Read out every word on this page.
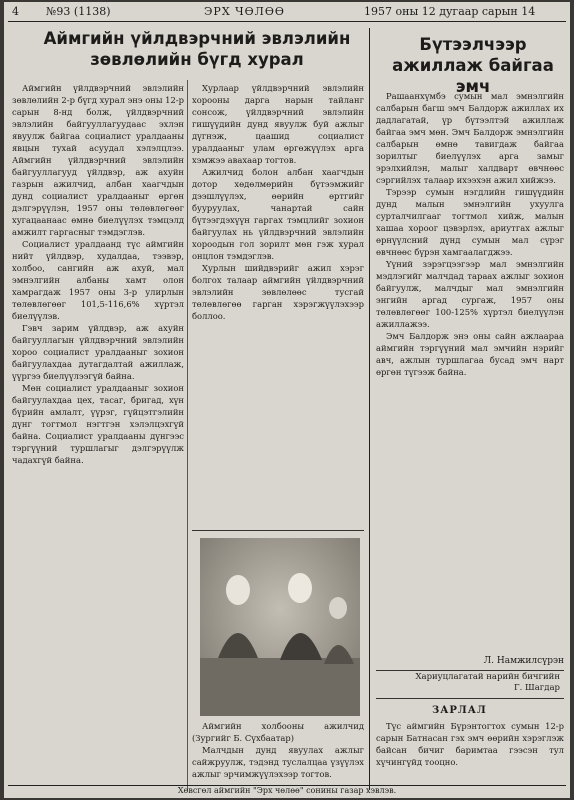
4 №93 (1138)	ЭРХ ЧӨЛӨӨ	1957 оны 12 дугаар сарын 14
Аймгийн үйлдвэрчний эвлэлийн зөвлөлийн бүгд хурал
Бүтээлчээр ажиллаж байгаа эмч

Аймгийн үйлдвэрчний эвлэлийн зөвлөлийн 2-р бүгд хурал энэ оны 12-р сарын 8-нд болж, үйлдвэрчний эвлэлийн байгууллагуудаас эхлэн явуулж байгаа социалист уралдааны явцын тухай асуудал хэлэлцлээ. Аймгийн үйлдвэрчний эвлэлийн байгууллагууд үйлдвэр, аж ахуйн газрын ажилчид, албан хаагчдын дунд социалист уралдааныг өргөн дэлгэрүүлэн, 1957 оны төлөвлөгөөг хугацаанаас өмнө биелүүлэх тэмцэлд амжилт гаргасныг тэмдэглэв.

Социалист уралдаанд түс аймгийн нийт үйлдвэр, худалдаа, тээвэр, холбоо, сангийн аж ахуй, мал эмнэлгийн албаны хамт олон хамрагдаж 1957 оны 3-р улирлын төлөвлөгөөг 101,5-116,6% хүртэл биелүүлэв.

Гэвч зарим үйлдвэр, аж ахуйн байгууллагын үйлдвэрчний эвлэлийн хороо социалист уралдааныг зохион байгуулахдаа дутагдалтай ажиллаж, үүргээ биелүүлээгүй байна.

Мөн социалист уралдааныг зохион байгуулахдаа цех, тасаг, бригад, хүн бүрийн амлалт, үүрэг, гүйцэтгэлийн дүнг тогтмол нэгтгэн хэлэлцэхгүй байна. Социалист уралдааны дүнгээс тэргүүний туршлагыг дэлгэрүүлж чадахгүй байна.

Хурлаар үйлдвэрчний эвлэлийн хорооны дарга нарын тайланг сонсож, үйлдвэрчний эвлэлийн гишүүдийн дунд явуулж буй ажлыг дүгнэж, цаашид социалист уралдааныг улам өргөжүүлэх арга хэмжээ авахаар тогтов.

Ажилчид болон албан хаагчдын дотор хөдөлмөрийн бүтээмжийг дээшлүүлэх, өөрийн өртгийг бууруулах, чанартай сайн бүтээгдэхүүн гаргах тэмцлийг зохион байгуулах нь үйлдвэрчний эвлэлийн хороодын гол зорилт мөн гэж хурал онцлон тэмдэглэв.

Хурлын шийдвэрийг ажил хэрэг болгох талаар аймгийн үйлдвэрчний эвлэлийн зөвлөлөөс тусгай төлөвлөгөө гарган хэрэгжүүлэхээр боллоо.

Аймгийн холбооны ажилчид (Зургийг Б. Сүхбаатар)

Малчдын дунд явуулах ажлыг сайжруулж, тэдэнд туслалцаа үзүүлэх ажлыг эрчимжүүлэхээр тогтов.

Рашаанхүмбэ сумын мал эмнэлгийн салбарын багш эмч Балдорж ажиллах их дадлагатай, үр бүтээлтэй ажиллаж байгаа эмч мөн. Эмч Балдорж эмнэлгийн салбарын өмнө тавигдаж байгаа зорилтыг биелүүлэх арга замыг эрэлхийлэн, малыг халдварт өвчнөөс сэргийлэх талаар ихээхэн ажил хийжээ.

Тэрээр сумын нэгдлийн гишүүдийн дунд малын эмнэлгийн ухуулга сурталчилгааг тогтмол хийж, малын хашаа хороог цэвэрлэх, ариутгах ажлыг өрнүүлсний дүнд сумын мал сүрэг өвчнөөс бүрэн хамгаалагджээ.

Үүний зэрэгцээгээр мал эмнэлгийн мэдлэгийг малчдад тараах ажлыг зохион байгуулж, малчдыг мал эмнэлгийн энгийн аргад сургаж, 1957 оны төлөвлөгөөг 100-125% хүртэл биелүүлэн ажиллажээ.

Эмч Балдорж энэ оны сайн ажлаараа аймгийн тэргүүний мал эмчийн нэрийг авч, ажлын туршлагаа бусад эмч нарт өргөн түгээж байна.

Л. Намжилсүрэн
Хариуцлагатай нарийн бичгийн
Г. Шагдар
ЗАРЛАЛ

Түс аймгийн Бүрэнтогтох сумын 12-р сарын Батнасан гэх эмч өөрийн хэрэглэж байсан бичиг баримтаа гээсэн тул хүчингүйд тооцно.

Хөвсгөл аймгийн "Эрх чөлөө" сонины газар хэвлэв.
